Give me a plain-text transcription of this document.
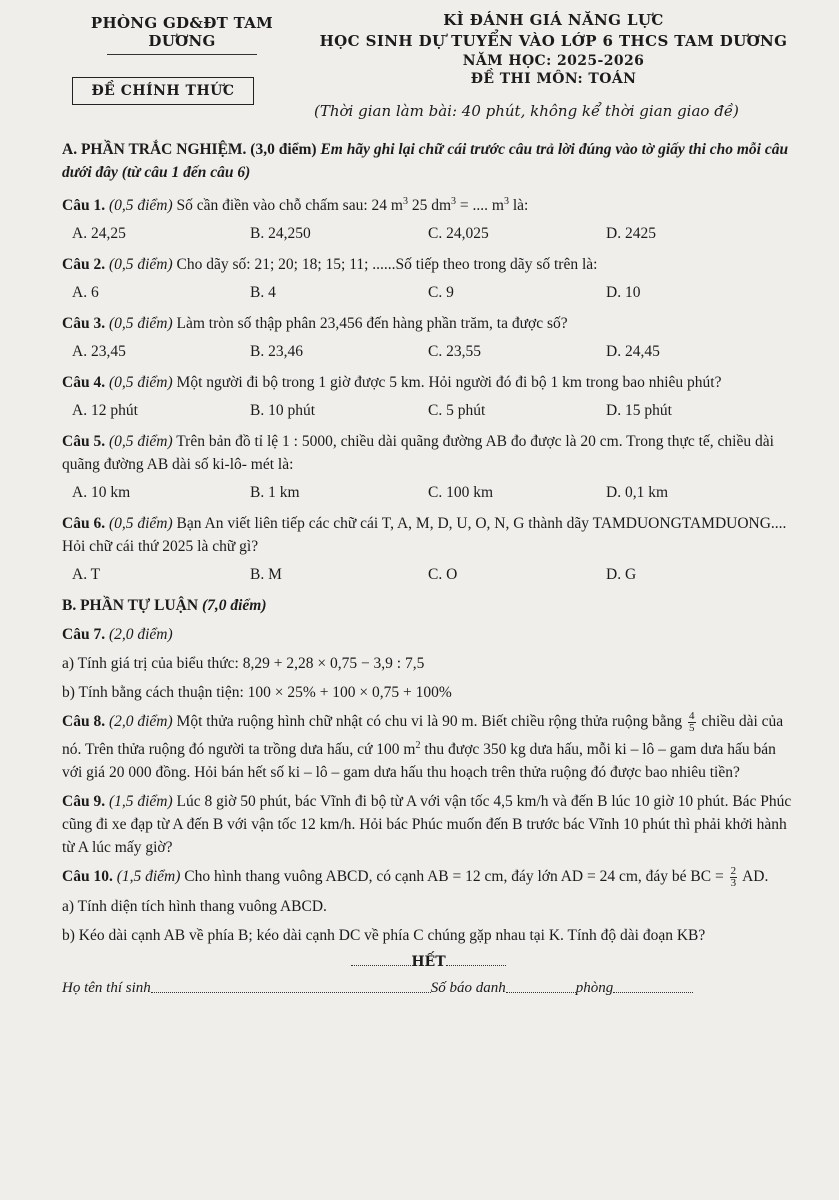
PHÒNG GD&ĐT TAM DƯƠNG
ĐỀ CHÍNH THỨC
KÌ ĐÁNH GIÁ NĂNG LỰC
HỌC SINH DỰ TUYỂN VÀO LỚP 6 THCS TAM DƯƠNG
NĂM HỌC: 2025-2026
ĐỀ THI MÔN: TOÁN
(Thời gian làm bài: 40 phút, không kể thời gian giao đề)
A. PHẦN TRẮC NGHIỆM. (3,0 điểm) Em hãy ghi lại chữ cái trước câu trả lời đúng vào tờ giấy thi cho mỗi câu dưới đây (từ câu 1 đến câu 6)
Câu 1. (0,5 điểm) Số cần điền vào chỗ chấm sau: 24 $m^3$ 25 $dm^3$ = .... $m^3$ là:
A. 24,25	B. 24,250	C. 24,025	D. 2425
Câu 2. (0,5 điểm) Cho dãy số: 21; 20; 18; 15; 11; ......Số tiếp theo trong dãy số trên là:
A. 6	B. 4	C. 9	D. 10
Câu 3. (0,5 điểm) Làm tròn số thập phân 23,456 đến hàng phần trăm, ta được số?
A. 23,45	B. 23,46	C. 23,55	D. 24,45
Câu 4. (0,5 điểm) Một người đi bộ trong 1 giờ được 5 km. Hỏi người đó đi bộ 1 km trong bao nhiêu phút?
A. 12 phút	B. 10 phút	C. 5 phút	D. 15 phút
Câu 5. (0,5 điểm) Trên bản đồ tỉ lệ 1 : 5000, chiều dài quãng đường AB đo được là 20 cm. Trong thực tế, chiều dài quãng đường AB dài số ki-lô- mét là:
A. 10 km	B. 1 km	C. 100 km	D. 0,1 km
Câu 6. (0,5 điểm) Bạn An viết liên tiếp các chữ cái T, A, M, D, U, O, N, G thành dãy TAMDUONGTAMDUONG.... Hỏi chữ cái thứ 2025 là chữ gì?
A. T	B. M	C. O	D. G
B. PHẦN TỰ LUẬN (7,0 điểm)
Câu 7. (2,0 điểm)
a) Tính giá trị của biểu thức: 8,29 + 2,28 × 0,75 − 3,9 : 7,5
b) Tính bằng cách thuận tiện: 100 × 25% + 100 × 0,75 + 100%
Câu 8. (2,0 điểm) Một thửa ruộng hình chữ nhật có chu vi là 90 m. Biết chiều rộng thửa ruộng bằng $\frac{4}{5}$ chiều dài của nó. Trên thửa ruộng đó người ta trồng dưa hấu, cứ 100 $m^2$ thu được 350 kg dưa hấu, mỗi ki – lô – gam dưa hấu bán với giá 20 000 đồng. Hỏi bán hết số ki – lô – gam dưa hấu thu hoạch trên thửa ruộng đó được bao nhiêu tiền?
Câu 9. (1,5 điểm) Lúc 8 giờ 50 phút, bác Vĩnh đi bộ từ A với vận tốc 4,5 km/h và đến B lúc 10 giờ 10 phút. Bác Phúc cũng đi xe đạp từ A đến B với vận tốc 12 km/h. Hỏi bác Phúc muốn đến B trước bác Vĩnh 10 phút thì phải khởi hành từ A lúc mấy giờ?
Câu 10. (1,5 điểm) Cho hình thang vuông ABCD, có cạnh AB = 12 cm, đáy lớn AD = 24 cm, đáy bé BC = $\frac{2}{3}$ AD.
a) Tính diện tích hình thang vuông ABCD.
b) Kéo dài cạnh AB về phía B; kéo dài cạnh DC về phía C chúng gặp nhau tại K. Tính độ dài đoạn KB?
HẾT
Họ tên thí sinh	Số báo danh	phòng
